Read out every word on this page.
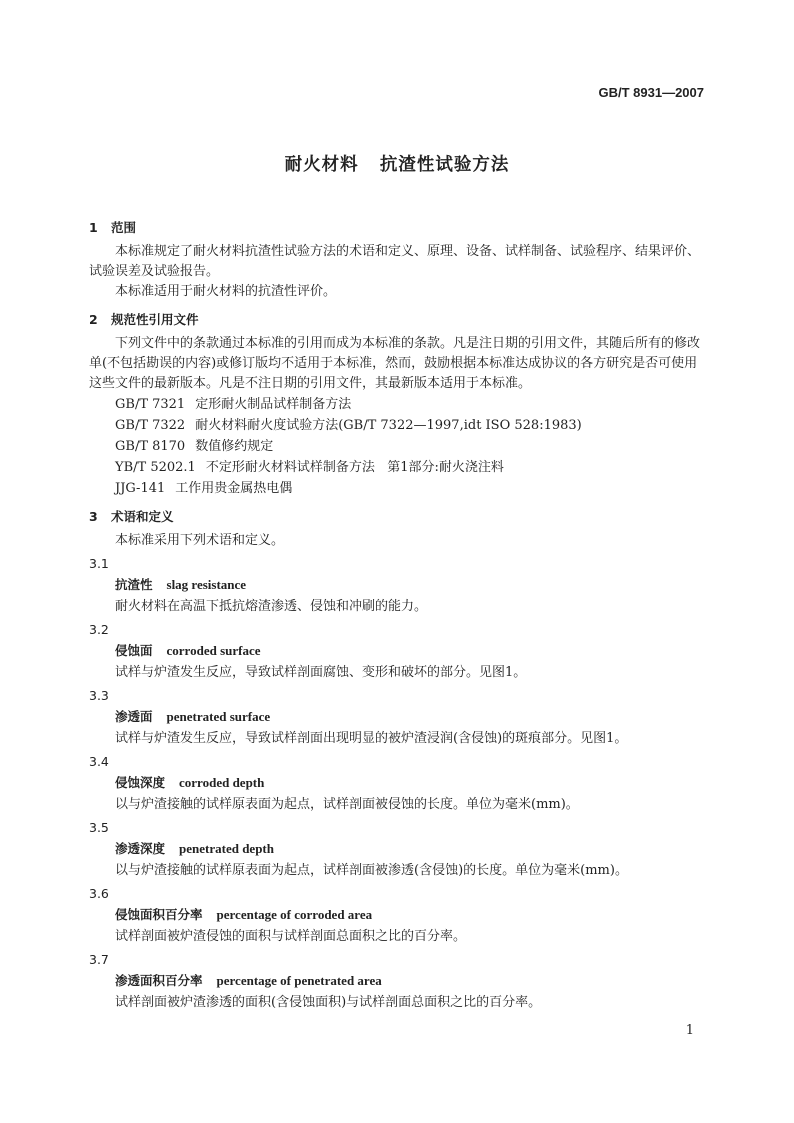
GB/T 8931—2007
耐火材料   抗渣性试验方法
1 范围

本标准规定了耐火材料抗渣性试验方法的术语和定义、原理、设备、试样制备、试验程序、结果评价、试验误差及试验报告。

本标准适用于耐火材料的抗渣性评价。

2 规范性引用文件

下列文件中的条款通过本标准的引用而成为本标准的条款。凡是注日期的引用文件，其随后所有的修改单(不包括勘误的内容)或修订版均不适用于本标准，然而，鼓励根据本标准达成协议的各方研究是否可使用这些文件的最新版本。凡是不注日期的引用文件，其最新版本适用于本标准。

GB/T 7321 定形耐火制品试样制备方法

GB/T 7322 耐火材料耐火度试验方法(GB/T 7322—1997,idt ISO 528:1983)

GB/T 8170 数值修约规定

YB/T 5202.1 不定形耐火材料试样制备方法   第1部分:耐火浇注料

JJG-141 工作用贵金属热电偶

3 术语和定义

本标准采用下列术语和定义。

3.1

抗渣性 slag resistance

耐火材料在高温下抵抗熔渣渗透、侵蚀和冲刷的能力。

3.2

侵蚀面 corroded surface

试样与炉渣发生反应，导致试样剖面腐蚀、变形和破坏的部分。见图1。

3.3

渗透面 penetrated surface

试样与炉渣发生反应，导致试样剖面出现明显的被炉渣浸润(含侵蚀)的斑痕部分。见图1。

3.4

侵蚀深度 corroded depth

以与炉渣接触的试样原表面为起点，试样剖面被侵蚀的长度。单位为毫米(mm)。

3.5

渗透深度 penetrated depth

以与炉渣接触的试样原表面为起点，试样剖面被渗透(含侵蚀)的长度。单位为毫米(mm)。

3.6

侵蚀面积百分率 percentage of corroded area

试样剖面被炉渣侵蚀的面积与试样剖面总面积之比的百分率。

3.7

渗透面积百分率 percentage of penetrated area

试样剖面被炉渣渗透的面积(含侵蚀面积)与试样剖面总面积之比的百分率。

1
